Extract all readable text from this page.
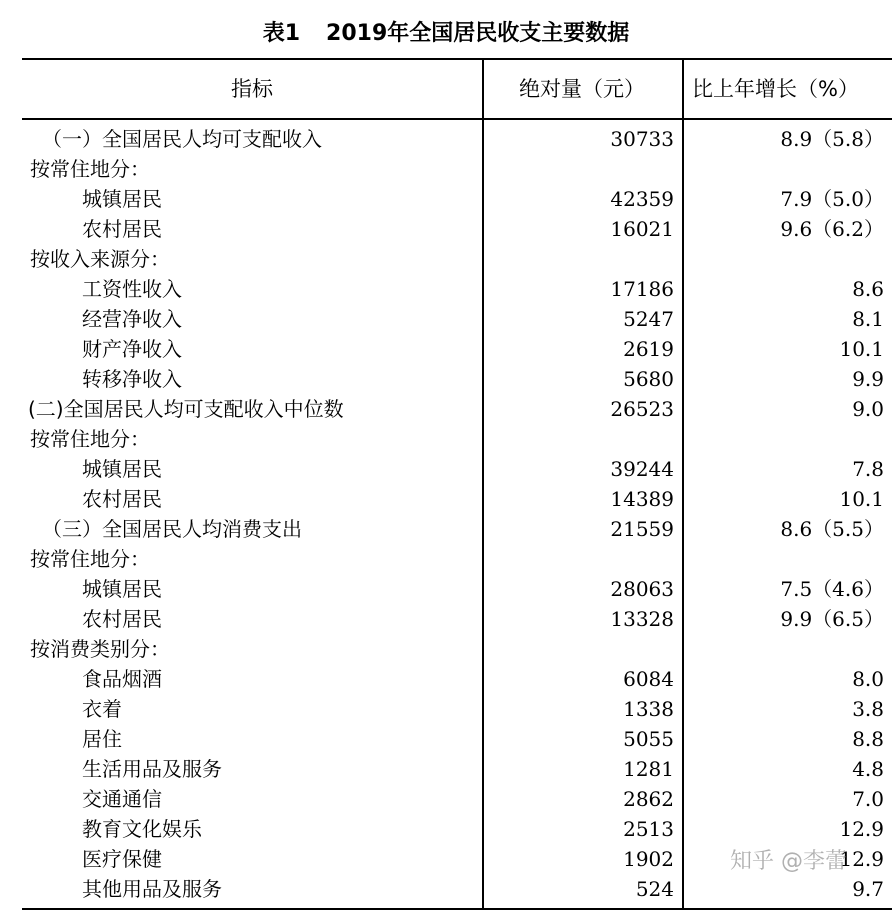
表1 2019年全国居民收支主要数据
指标	绝对量（元）	比上年增长（%）
（一）全国居民人均可支配收入	30733	8.9（5.8）
按常住地分：
城镇居民	42359	7.9（5.0）
农村居民	16021	9.6（6.2）
按收入来源分：
工资性收入	17186	8.6
经营净收入	5247	8.1
财产净收入	2619	10.1
转移净收入	5680	9.9
(二)全国居民人均可支配收入中位数	26523	9.0
按常住地分：
城镇居民	39244	7.8
农村居民	14389	10.1
（三）全国居民人均消费支出	21559	8.6（5.5）
按常住地分：
城镇居民	28063	7.5（4.6）
农村居民	13328	9.9（6.5）
按消费类别分：
食品烟酒	6084	8.0
衣着	1338	3.8
居住	5055	8.8
生活用品及服务	1281	4.8
交通通信	2862	7.0
教育文化娱乐	2513	12.9
医疗保健	1902	12.9
其他用品及服务	524	9.7
知乎 @李蕾
